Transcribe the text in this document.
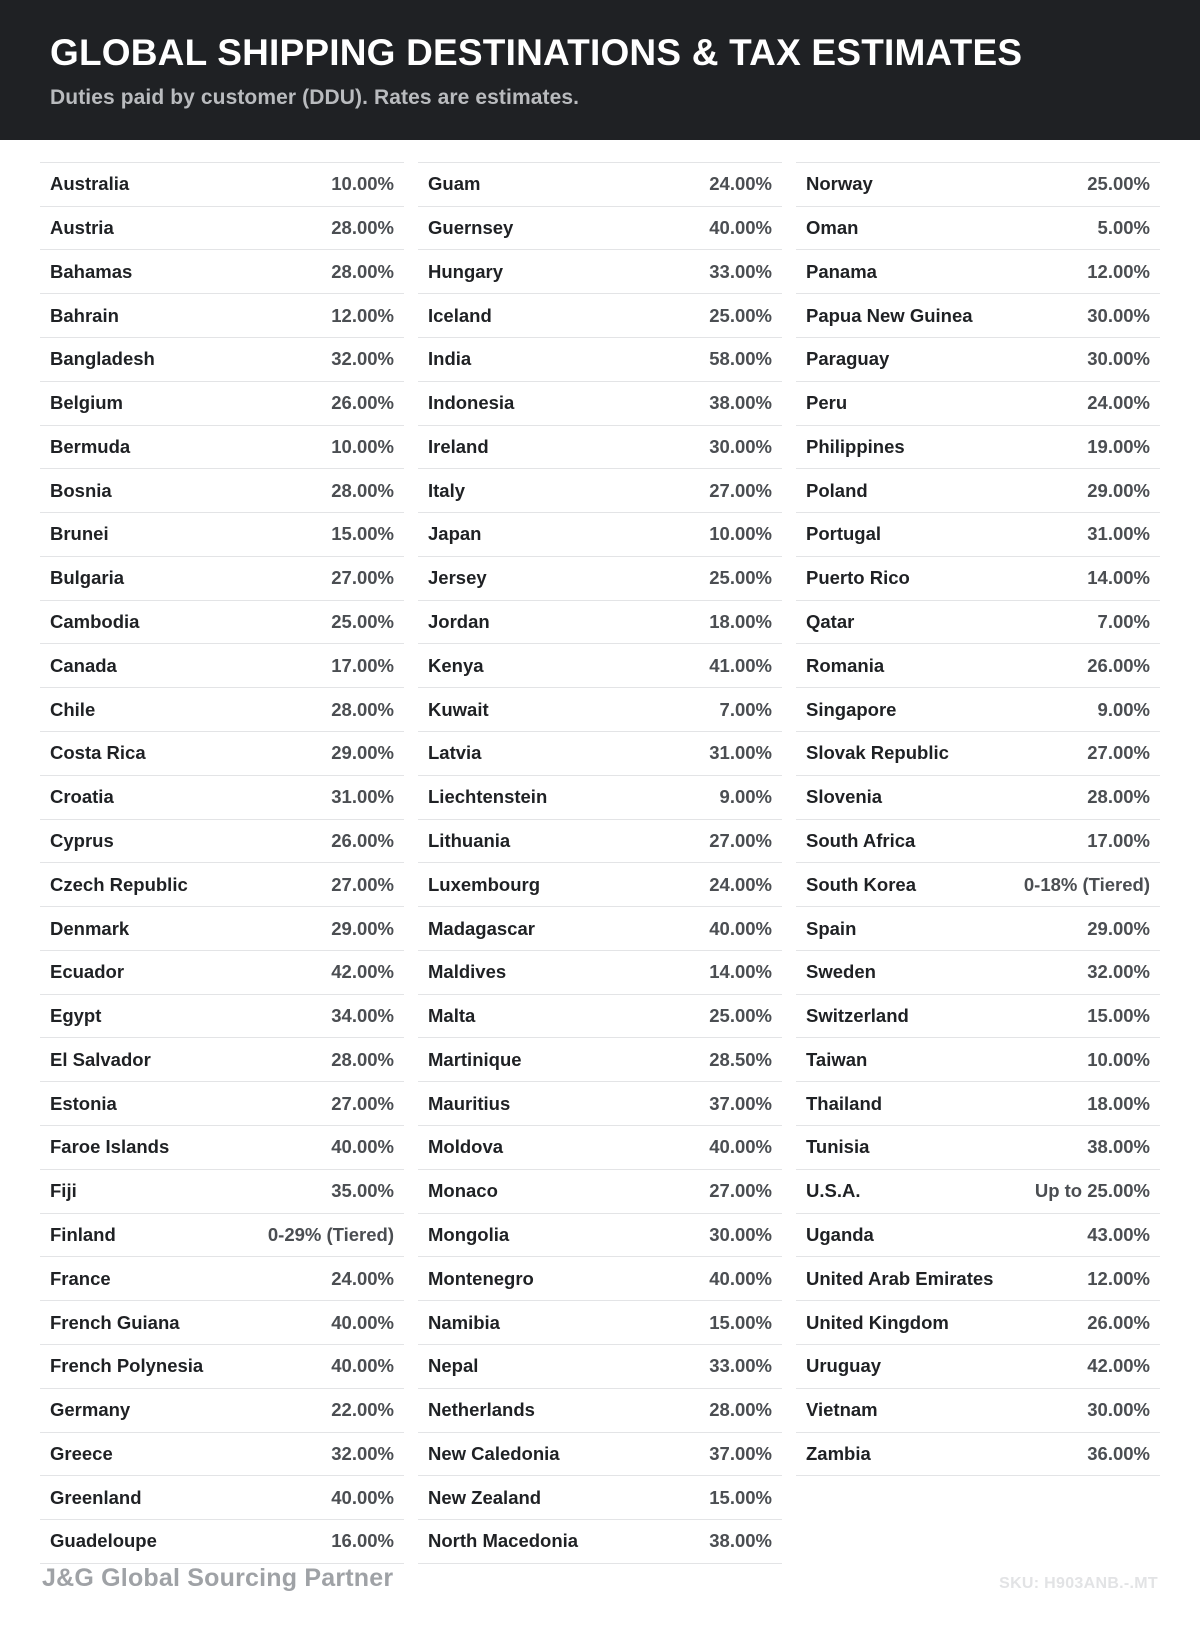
GLOBAL SHIPPING DESTINATIONS & TAX ESTIMATES
Duties paid by customer (DDU). Rates are estimates.
Australia	10.00%
Austria	28.00%
Bahamas	28.00%
Bahrain	12.00%
Bangladesh	32.00%
Belgium	26.00%
Bermuda	10.00%
Bosnia	28.00%
Brunei	15.00%
Bulgaria	27.00%
Cambodia	25.00%
Canada	17.00%
Chile	28.00%
Costa Rica	29.00%
Croatia	31.00%
Cyprus	26.00%
Czech Republic	27.00%
Denmark	29.00%
Ecuador	42.00%
Egypt	34.00%
El Salvador	28.00%
Estonia	27.00%
Faroe Islands	40.00%
Fiji	35.00%
Finland	0-29% (Tiered)
France	24.00%
French Guiana	40.00%
French Polynesia	40.00%
Germany	22.00%
Greece	32.00%
Greenland	40.00%
Guadeloupe	16.00%
Guam	24.00%
Guernsey	40.00%
Hungary	33.00%
Iceland	25.00%
India	58.00%
Indonesia	38.00%
Ireland	30.00%
Italy	27.00%
Japan	10.00%
Jersey	25.00%
Jordan	18.00%
Kenya	41.00%
Kuwait	7.00%
Latvia	31.00%
Liechtenstein	9.00%
Lithuania	27.00%
Luxembourg	24.00%
Madagascar	40.00%
Maldives	14.00%
Malta	25.00%
Martinique	28.50%
Mauritius	37.00%
Moldova	40.00%
Monaco	27.00%
Mongolia	30.00%
Montenegro	40.00%
Namibia	15.00%
Nepal	33.00%
Netherlands	28.00%
New Caledonia	37.00%
New Zealand	15.00%
North Macedonia	38.00%
Norway	25.00%
Oman	5.00%
Panama	12.00%
Papua New Guinea	30.00%
Paraguay	30.00%
Peru	24.00%
Philippines	19.00%
Poland	29.00%
Portugal	31.00%
Puerto Rico	14.00%
Qatar	7.00%
Romania	26.00%
Singapore	9.00%
Slovak Republic	27.00%
Slovenia	28.00%
South Africa	17.00%
South Korea	0-18% (Tiered)
Spain	29.00%
Sweden	32.00%
Switzerland	15.00%
Taiwan	10.00%
Thailand	18.00%
Tunisia	38.00%
U.S.A.	Up to 25.00%
Uganda	43.00%
United Arab Emirates	12.00%
United Kingdom	26.00%
Uruguay	42.00%
Vietnam	30.00%
Zambia	36.00%
J&G Global Sourcing Partner	SKU: H903ANB.-.MT
